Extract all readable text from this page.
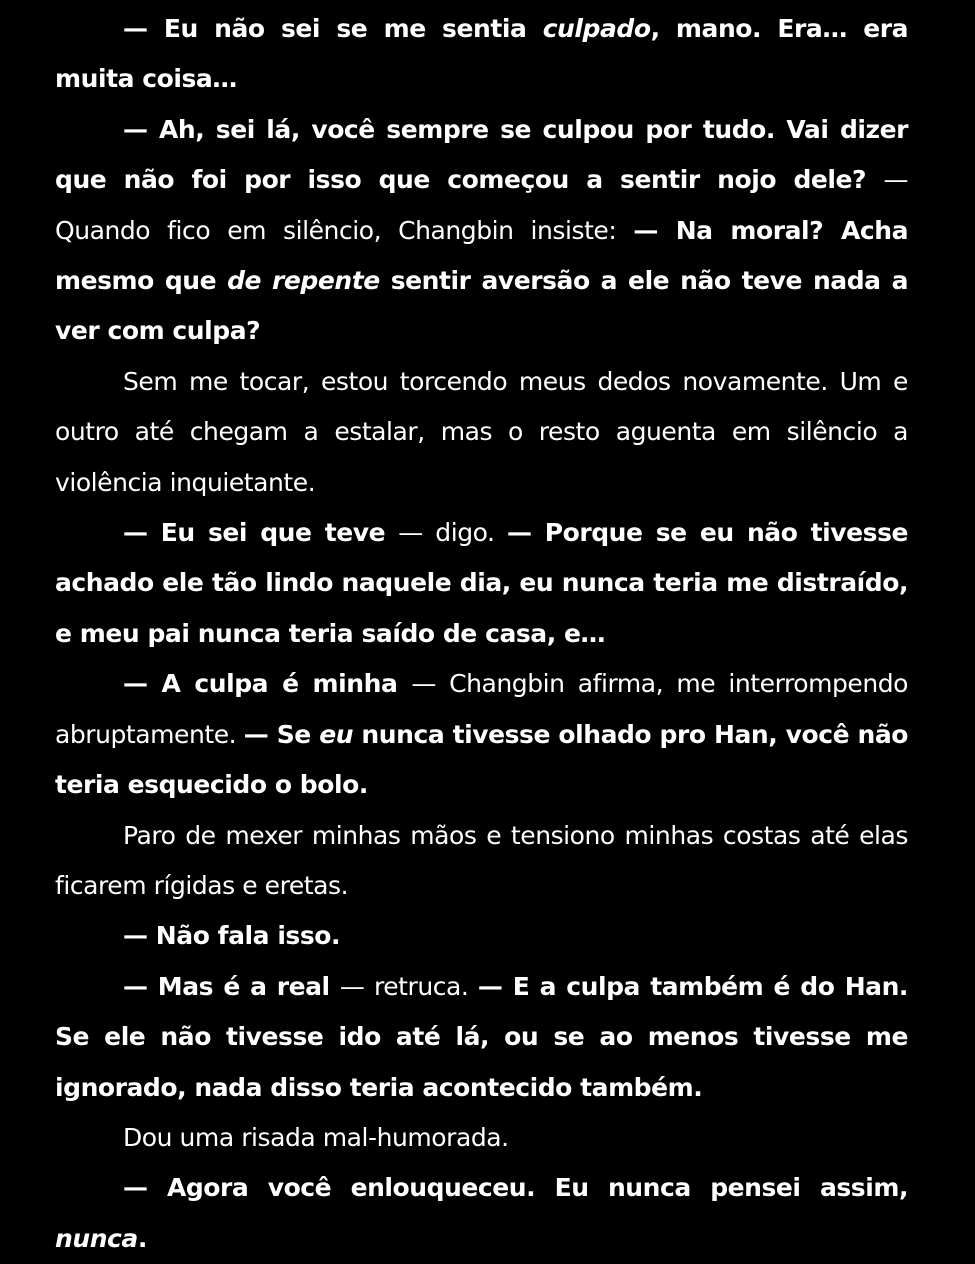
— Eu não sei se me sentia culpado, mano. Era… era muita coisa…

— Ah, sei lá, você sempre se culpou por tudo. Vai dizer que não foi por isso que começou a sentir nojo dele? — Quando fico em silêncio, Changbin insiste: — Na moral? Acha mesmo que de repente sentir aversão a ele não teve nada a ver com culpa?

Sem me tocar, estou torcendo meus dedos novamente. Um e outro até chegam a estalar, mas o resto aguenta em silêncio a violência inquietante.

— Eu sei que teve — digo. — Porque se eu não tivesse achado ele tão lindo naquele dia, eu nunca teria me distraído, e meu pai nunca teria saído de casa, e…

— A culpa é minha — Changbin afirma, me interrompendo abruptamente. — Se eu nunca tivesse olhado pro Han, você não teria esquecido o bolo.

Paro de mexer minhas mãos e tensiono minhas costas até elas ficarem rígidas e eretas.

— Não fala isso.

— Mas é a real — retruca. — E a culpa também é do Han. Se ele não tivesse ido até lá, ou se ao menos tivesse me ignorado, nada disso teria acontecido também.

Dou uma risada mal-humorada.

— Agora você enlouqueceu. Eu nunca pensei assim, nunca.
